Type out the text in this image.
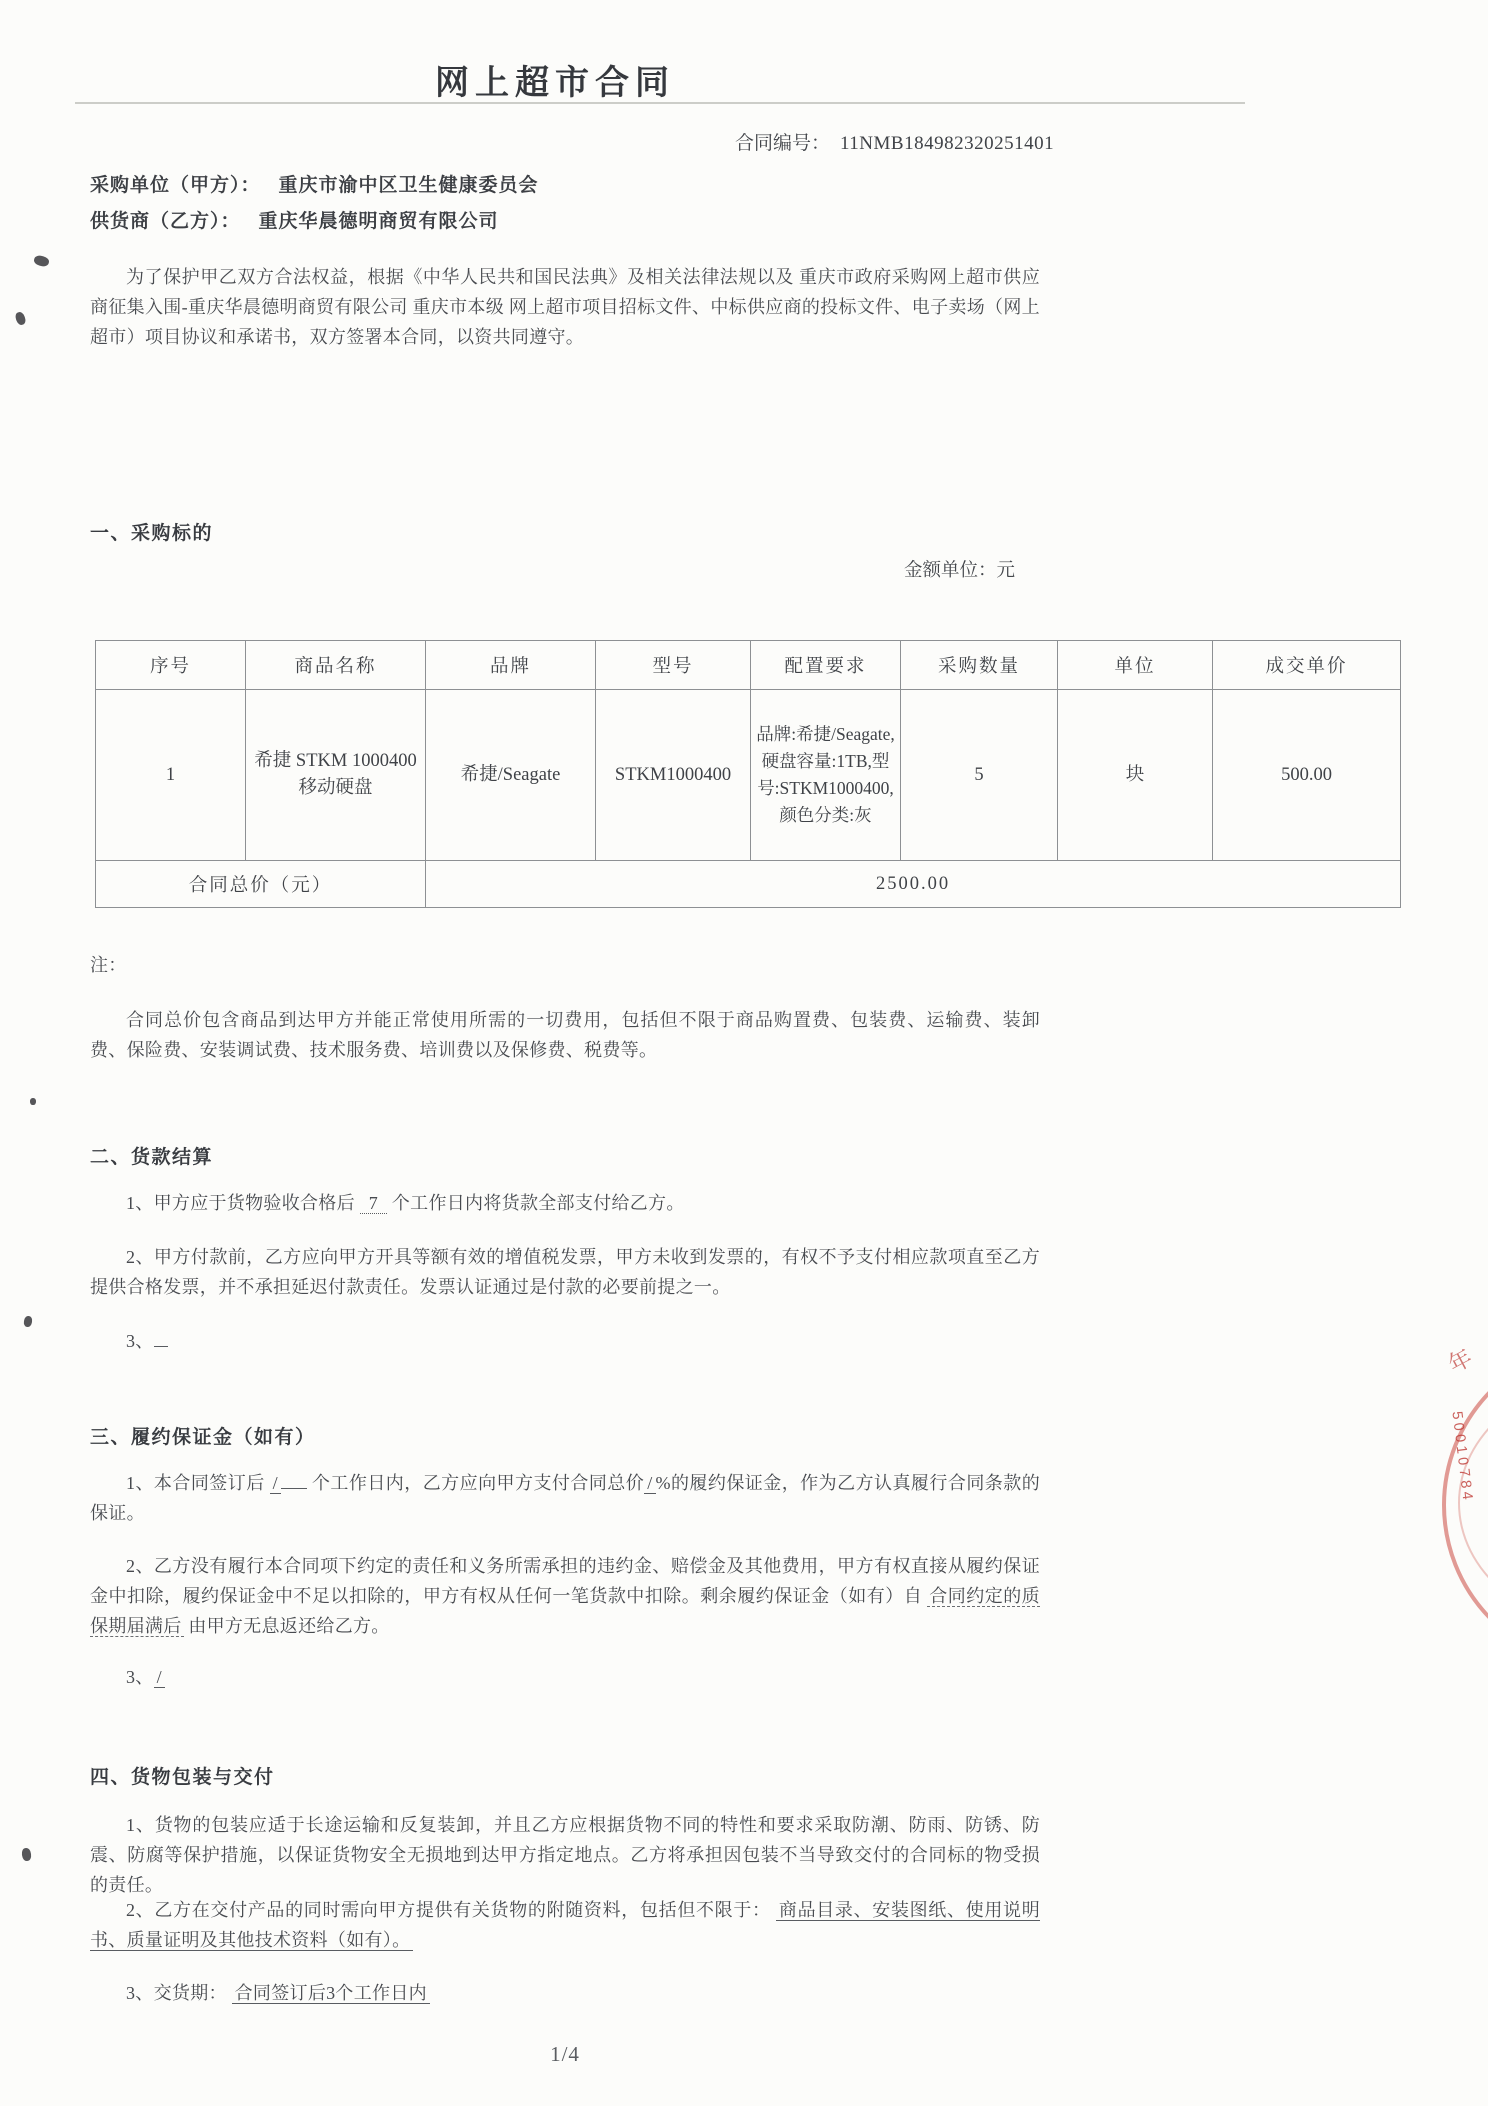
网上超市合同
合同编号： 11NMB184982320251401
采购单位（甲方）： 重庆市渝中区卫生健康委员会
供货商（乙方）： 重庆华晨德明商贸有限公司
为了保护甲乙双方合法权益，根据《中华人民共和国民法典》及相关法律法规以及 重庆市政府采购网上超市供应商征集入围-重庆华晨德明商贸有限公司 重庆市本级 网上超市项目招标文件、中标供应商的投标文件、电子卖场（网上超市）项目协议和承诺书，双方签署本合同，以资共同遵守。
一、采购标的
金额单位：元
序号	商品名称	品牌	型号	配置要求	采购数量	单位	成交单价
1	希捷 STKM 1000400 移动硬盘	希捷/Seagate	STKM1000400	品牌:希捷/Seagate,硬盘容量:1TB,型号:STKM1000400,颜色分类:灰	5	块	500.00
合同总价（元）		2500.00					
注：
合同总价包含商品到达甲方并能正常使用所需的一切费用，包括但不限于商品购置费、包装费、运输费、装卸费、保险费、安装调试费、技术服务费、培训费以及保修费、税费等。
二、货款结算
1、甲方应于货物验收合格后 7 个工作日内将货款全部支付给乙方。
2、甲方付款前，乙方应向甲方开具等额有效的增值税发票，甲方未收到发票的，有权不予支付相应款项直至乙方提供合格发票，并不承担延迟付款责任。发票认证通过是付款的必要前提之一。
3、
三、履约保证金（如有）
1、本合同签订后 / 个工作日内，乙方应向甲方支付合同总价 / %的履约保证金，作为乙方认真履行合同条款的保证。
2、乙方没有履行本合同项下约定的责任和义务所需承担的违约金、赔偿金及其他费用，甲方有权直接从履约保证金中扣除，履约保证金中不足以扣除的，甲方有权从任何一笔货款中扣除。剩余履约保证金（如有）自 合同约定的质保期届满后 由甲方无息返还给乙方。
3、 /
四、货物包装与交付
1、货物的包装应适于长途运输和反复装卸，并且乙方应根据货物不同的特性和要求采取防潮、防雨、防锈、防震、防腐等保护措施，以保证货物安全无损地到达甲方指定地点。乙方将承担因包装不当导致交付的合同标的物受损的责任。
2、乙方在交付产品的同时需向甲方提供有关货物的附随资料，包括但不限于： 商品目录、安装图纸、使用说明书、质量证明及其他技术资料（如有）。
3、交货期： 合同签订后3个工作日内
1/4
50010784
年
